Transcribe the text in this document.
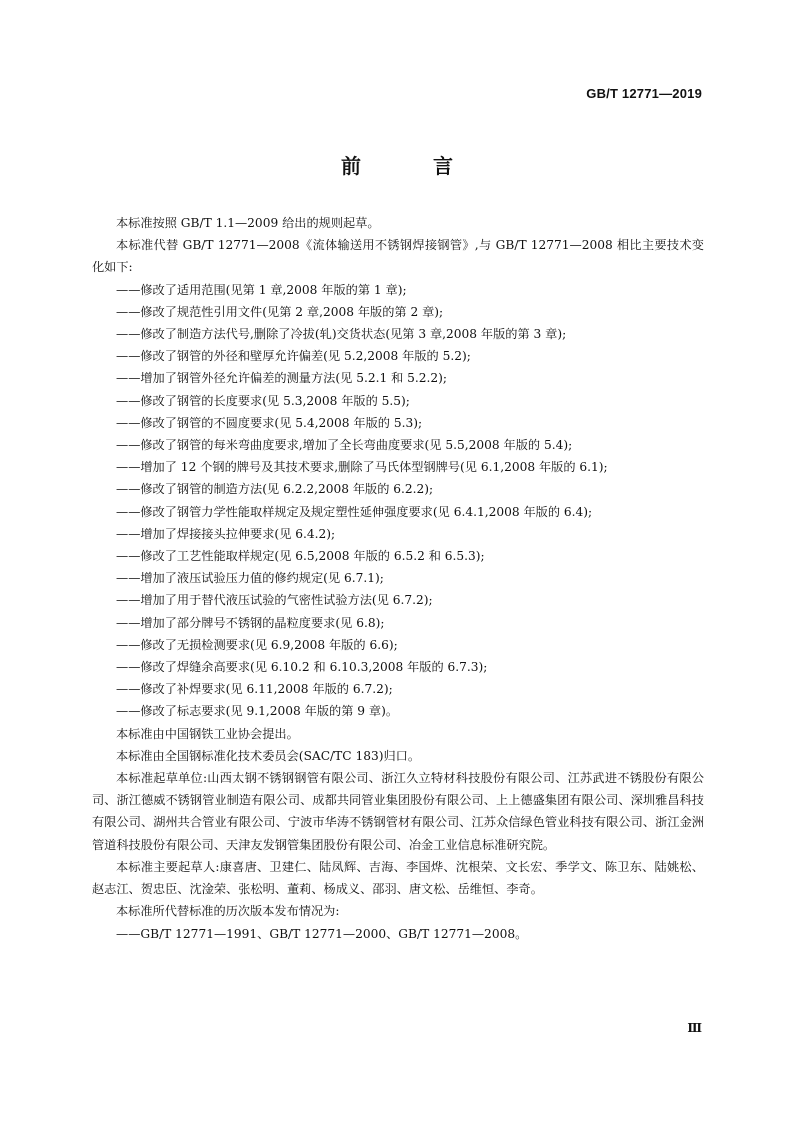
GB/T 12771—2019
前　言

本标准按照 GB/T 1.1—2009 给出的规则起草。

本标准代替 GB/T 12771—2008《流体输送用不锈钢焊接钢管》,与 GB/T 12771—2008 相比主要技术变化如下:

——修改了适用范围(见第 1 章,2008 年版的第 1 章);

——修改了规范性引用文件(见第 2 章,2008 年版的第 2 章);

——修改了制造方法代号,删除了冷拔(轧)交货状态(见第 3 章,2008 年版的第 3 章);

——修改了钢管的外径和壁厚允许偏差(见 5.2,2008 年版的 5.2);

——增加了钢管外径允许偏差的测量方法(见 5.2.1 和 5.2.2);

——修改了钢管的长度要求(见 5.3,2008 年版的 5.5);

——修改了钢管的不圆度要求(见 5.4,2008 年版的 5.3);

——修改了钢管的每米弯曲度要求,增加了全长弯曲度要求(见 5.5,2008 年版的 5.4);

——增加了 12 个钢的牌号及其技术要求,删除了马氏体型钢牌号(见 6.1,2008 年版的 6.1);

——修改了钢管的制造方法(见 6.2.2,2008 年版的 6.2.2);

——修改了钢管力学性能取样规定及规定塑性延伸强度要求(见 6.4.1,2008 年版的 6.4);

——增加了焊接接头拉伸要求(见 6.4.2);

——修改了工艺性能取样规定(见 6.5,2008 年版的 6.5.2 和 6.5.3);

——增加了液压试验压力值的修约规定(见 6.7.1);

——增加了用于替代液压试验的气密性试验方法(见 6.7.2);

——增加了部分牌号不锈钢的晶粒度要求(见 6.8);

——修改了无损检测要求(见 6.9,2008 年版的 6.6);

——修改了焊缝余高要求(见 6.10.2 和 6.10.3,2008 年版的 6.7.3);

——修改了补焊要求(见 6.11,2008 年版的 6.7.2);

——修改了标志要求(见 9.1,2008 年版的第 9 章)。

本标准由中国钢铁工业协会提出。

本标准由全国钢标准化技术委员会(SAC/TC 183)归口。

本标准起草单位:山西太钢不锈钢钢管有限公司、浙江久立特材科技股份有限公司、江苏武进不锈股份有限公司、浙江德威不锈钢管业制造有限公司、成都共同管业集团股份有限公司、上上德盛集团有限公司、深圳雅昌科技有限公司、湖州共合管业有限公司、宁波市华涛不锈钢管材有限公司、江苏众信绿色管业科技有限公司、浙江金洲管道科技股份有限公司、天津友发钢管集团股份有限公司、冶金工业信息标准研究院。

本标准主要起草人:康喜唐、卫建仁、陆凤辉、吉海、李国烨、沈根荣、文长宏、季学文、陈卫东、陆姚松、赵志江、贺忠臣、沈淦荣、张松明、董莉、杨成义、邵羽、唐文松、岳维恒、李奇。

本标准所代替标准的历次版本发布情况为:

——GB/T 12771—1991、GB/T 12771—2000、GB/T 12771—2008。

Ⅲ
